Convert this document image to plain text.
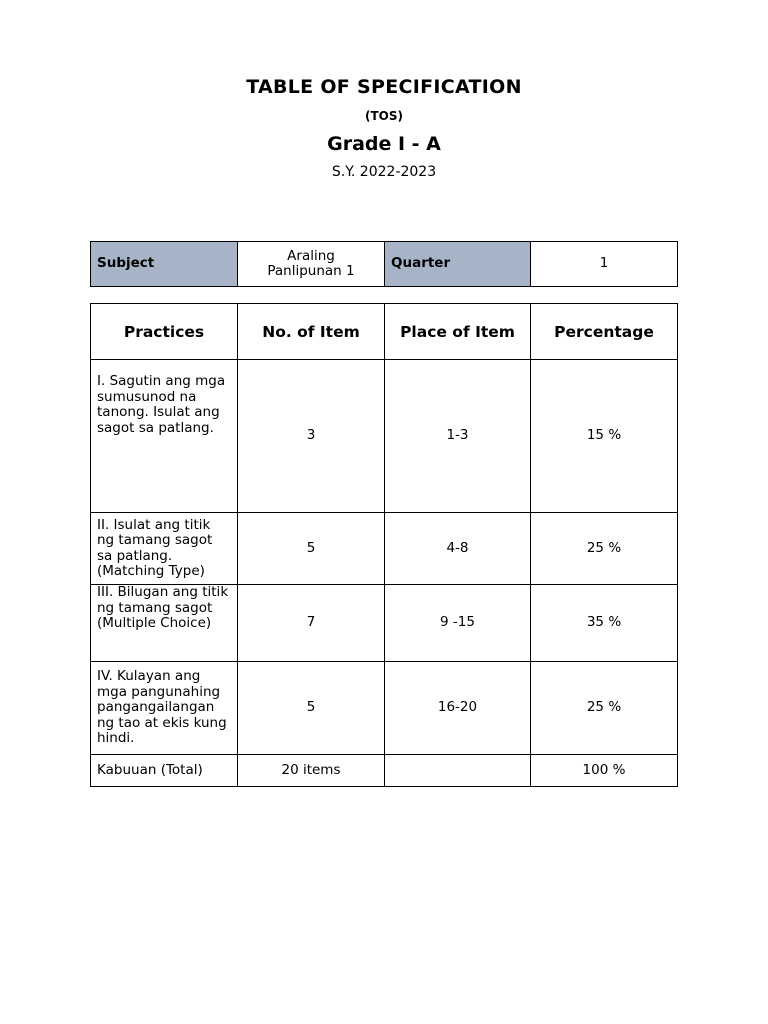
TABLE OF SPECIFICATION
(TOS)
Grade I - A
S.Y. 2022-2023
Subject	Araling Panlipunan 1	Quarter	1
Practices	No. of Item	Place of Item	Percentage
I. Sagutin ang mga sumusunod na tanong. Isulat ang sagot sa patlang.	3	1-3	15 %
II. Isulat ang titik ng tamang sagot sa patlang. (Matching Type)	5	4-8	25 %
III. Bilugan ang titik ng tamang sagot (Multiple Choice)	7	9 -15	35 %
IV. Kulayan ang mga pangunahing pangangailangan ng tao at ekis kung hindi.	5	16-20	25 %
Kabuuan (Total)	20 items		100 %
